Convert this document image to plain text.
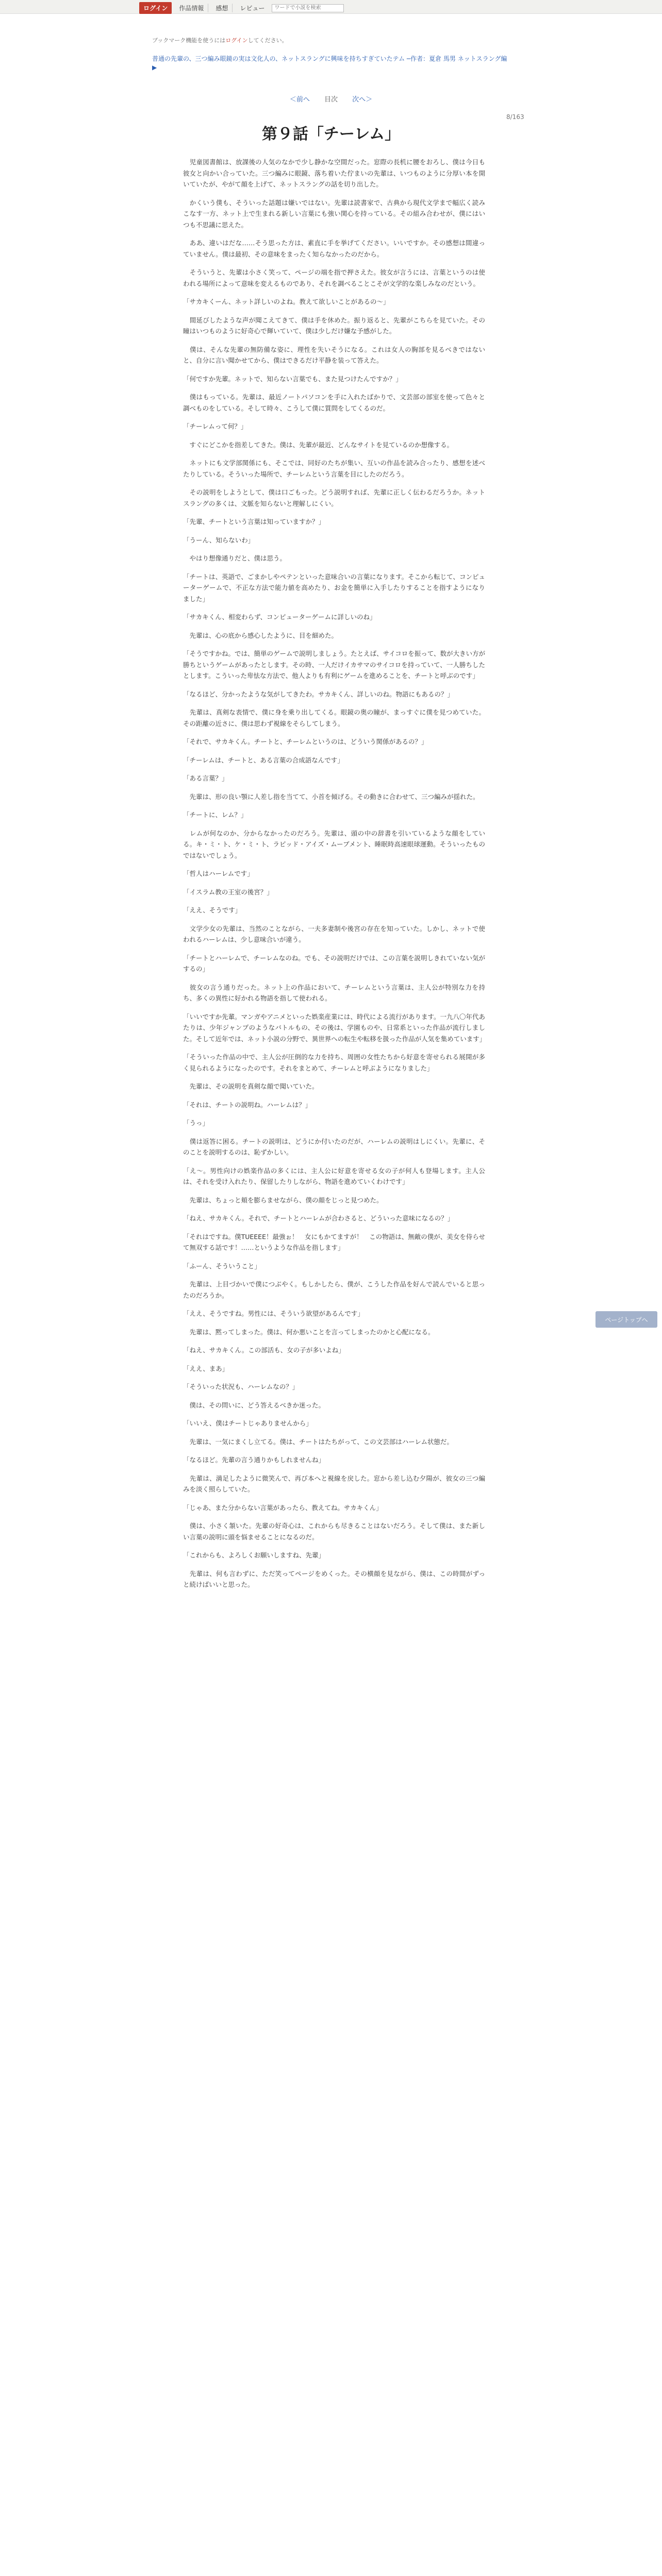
ログイン	作品情報	感想	レビュー
ワードで小説を検索
ブックマーク機能を使うにはログインしてください。
普通の先輩の、三つ編み眼鏡の実は文化人の、ネットスラングに興味を持ちすぎていたテム ─作者：夏倉 馬男 ネットスラング編 ▶
＜前へ 目次 次へ＞
8/163
第９話「チーレム」

　児童図書館は、放課後の人気のなかで少し静かな空間だった。窓際の長机に腰をおろし、僕は今日も彼女と向かい合っていた。三つ編みに眼鏡、落ち着いた佇まいの先輩は、いつものように分厚い本を開いていたが、やがて顔を上げて、ネットスラングの話を切り出した。

　かくいう僕も、そういった話題は嫌いではない。先輩は読書家で、古典から現代文学まで幅広く読みこなす一方、ネット上で生まれる新しい言葉にも強い関心を持っている。その組み合わせが、僕にはいつも不思議に思えた。

　ああ、違いはだな……そう思った方は、素直に手を挙げてください。いいですか。その感想は間違っていません。僕は最初、その意味をまったく知らなかったのだから。

　そういうと、先輩は小さく笑って、ページの端を指で押さえた。彼女が言うには、言葉というのは使われる場所によって意味を変えるものであり、それを調べることこそが文学的な楽しみなのだという。

「サカキくーん、ネット詳しいのよね。教えて欲しいことがあるの～」

　間延びしたような声が聞こえてきて、僕は手を休めた。振り返ると、先輩がこちらを見ていた。その瞳はいつものように好奇心で輝いていて、僕は少しだけ嫌な予感がした。

　僕は、そんな先輩の無防備な姿に、理性を失いそうになる。これは女人の胸部を見るべきではないと、自分に言い聞かせてから、僕はできるだけ平静を装って答えた。

「何ですか先輩。ネットで、知らない言葉でも、また見つけたんですか？」

　僕はもっている。先輩は、最近ノートパソコンを手に入れたばかりで、文芸部の部室を使って色々と調べものをしている。そして時々、こうして僕に質問をしてくるのだ。

「チーレムって何？」

　すぐにどこかを指差してきた。僕は、先輩が最近、どんなサイトを見ているのか想像する。

　ネットにも文学部関係にも、そこでは、同好のたちが集い、互いの作品を読み合ったり、感想を述べたりしている。そういった場所で、チーレムという言葉を目にしたのだろう。

　その説明をしようとして、僕は口ごもった。どう説明すれば、先輩に正しく伝わるだろうか。ネットスラングの多くは、文脈を知らないと理解しにくい。

「先輩、チートという言葉は知っていますか？」

「うーん、知らないわ」

　やはり想像通りだと、僕は思う。

「チートは、英語で、ごまかしやペテンといった意味合いの言葉になります。そこから転じて、コンピューターゲームで、不正な方法で能力値を高めたり、お金を簡単に入手したりすることを指すようになりました」

「サカキくん、相変わらず、コンピューターゲームに詳しいのね」

　先輩は、心の底から感心したように、目を細めた。

「そうですかね。では、簡単のゲームで説明しましょう。たとえば、サイコロを振って、数が大きい方が勝ちというゲームがあったとします。その時、一人だけイカサマのサイコロを持っていて、一人勝ちしたとします。こういった卑怯な方法で、他人よりも有利にゲームを進めることを、チートと呼ぶのです」

「なるほど、分かったような気がしてきたわ。サカキくん、詳しいのね。物語にもあるの？」

　先輩は、真剣な表情で、僕に身を乗り出してくる。眼鏡の奥の瞳が、まっすぐに僕を見つめていた。その距離の近さに、僕は思わず視線をそらしてしまう。

「それで、サカキくん。チートと、チーレムというのは、どういう関係があるの？」

「チーレムは、チートと、ある言葉の合成語なんです」

「ある言葉？」

　先輩は、形の良い顎に人差し指を当てて、小首を傾げる。その動きに合わせて、三つ編みが揺れた。

「チートに、レム？」

　レムが何なのか、分からなかったのだろう。先輩は、頭の中の辞書を引いているような顔をしている。キ・ミ・ト、ケ・ミ・ト、ラピッド・アイズ・ムーブメント、睡眠時高速眼球運動。そういったものではないでしょう。

「哲人はハーレムです」

「イスラム教の王室の後宮？」

「ええ、そうです」

　文学少女の先輩は、当然のことながら、一夫多妻制や後宮の存在を知っていた。しかし、ネットで使われるハーレムは、少し意味合いが違う。

「チートとハーレムで、チーレムなのね。でも、その説明だけでは、この言葉を説明しきれていない気がするの」

　彼女の言う通りだった。ネット上の作品において、チーレムという言葉は、主人公が特別な力を持ち、多くの異性に好かれる物語を指して使われる。

「いいですか先輩。マンガやアニメといった娯楽産業には、時代による流行があります。一九八〇年代あたりは、少年ジャンプのようなバトルもの、その後は、学園ものや、日常系といった作品が流行しました。そして近年では、ネット小説の分野で、異世界への転生や転移を扱った作品が人気を集めています」

「そういった作品の中で、主人公が圧倒的な力を持ち、周囲の女性たちから好意を寄せられる展開が多く見られるようになったのです。それをまとめて、チーレムと呼ぶようになりました」

　先輩は、その説明を真剣な顔で聞いていた。

「それは、チートの説明ね。ハーレムは？」

「うっ」

　僕は返答に困る。チートの説明は、どうにか付いたのだが、ハーレムの説明はしにくい。先輩に、そのことを説明するのは、恥ずかしい。

「え～。男性向けの娯楽作品の多くには、主人公に好意を寄せる女の子が何人も登場します。主人公は、それを受け入れたり、保留したりしながら、物語を進めていくわけです」

　先輩は、ちょっと頬を膨らませながら、僕の顔をじっと見つめた。

「ねえ、サカキくん。それで、チートとハーレムが合わさると、どういった意味になるの？」

「それはですね。僕TUEEEE！最強ぉ！　女にもかてますが！　この物語は、無敵の僕が、美女を侍らせて無双する話です！……というような作品を指します」

「ふーん、そういうこと」

　先輩は、上目づかいで僕につぶやく。もしかしたら、僕が、こうした作品を好んで読んでいると思ったのだろうか。

「ええ、そうですね。男性には、そういう欲望があるんです」

　先輩は、黙ってしまった。僕は、何か悪いことを言ってしまったのかと心配になる。

「ねえ、サカキくん。この部活も、女の子が多いよね」

「ええ、まあ」

「そういった状況も、ハーレムなの？」

　僕は、その問いに、どう答えるべきか迷った。

「いいえ、僕はチートじゃありませんから」

　先輩は、一気にまくし立てる。僕は、チートはたちがって、この文芸部はハーレム状態だ。

「なるほど。先輩の言う通りかもしれませんね」

　先輩は、満足したように微笑んで、再び本へと視線を戻した。窓から差し込む夕陽が、彼女の三つ編みを淡く照らしていた。

「じゃあ、また分からない言葉があったら、教えてね。サカキくん」

　僕は、小さく頷いた。先輩の好奇心は、これからも尽きることはないだろう。そして僕は、また新しい言葉の説明に頭を悩ませることになるのだ。

「これからも、よろしくお願いしますね、先輩」

　先輩は、何も言わずに、ただ笑ってページをめくった。その横顔を見ながら、僕は、この時間がずっと続けばいいと思った。

ページトップへ
